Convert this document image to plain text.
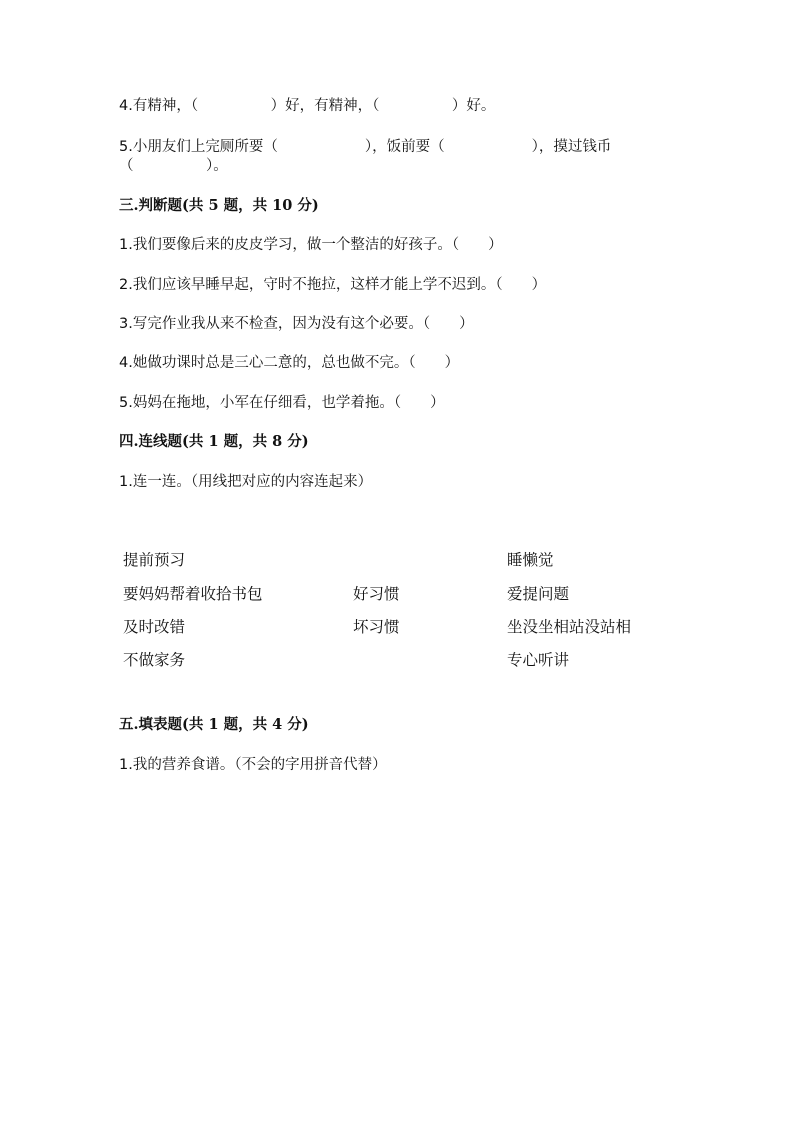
4.有精神，（　　　　　）好，有精神，（　　　　　）好。
5.小朋友们上完厕所要（　　　　　　），饭前要（　　　　　　），摸过钱币
（　　　　　）。
三.判断题(共 5 题，共 10 分)
1.我们要像后来的皮皮学习，做一个整洁的好孩子。（　　）
2.我们应该早睡早起，守时不拖拉，这样才能上学不迟到。（　　）
3.写完作业我从来不检查，因为没有这个必要。（　　）
4.她做功课时总是三心二意的，总也做不完。（　　）
5.妈妈在拖地，小军在仔细看，也学着拖。（　　）
四.连线题(共 1 题，共 8 分)
1.连一连。（用线把对应的内容连起来）
提前预习
要妈妈帮着收拾书包
及时改错
不做家务
好习惯
坏习惯
睡懒觉
爱提问题
坐没坐相站没站相
专心听讲
五.填表题(共 1 题，共 4 分)
1.我的营养食谱。（不会的字用拼音代替）
